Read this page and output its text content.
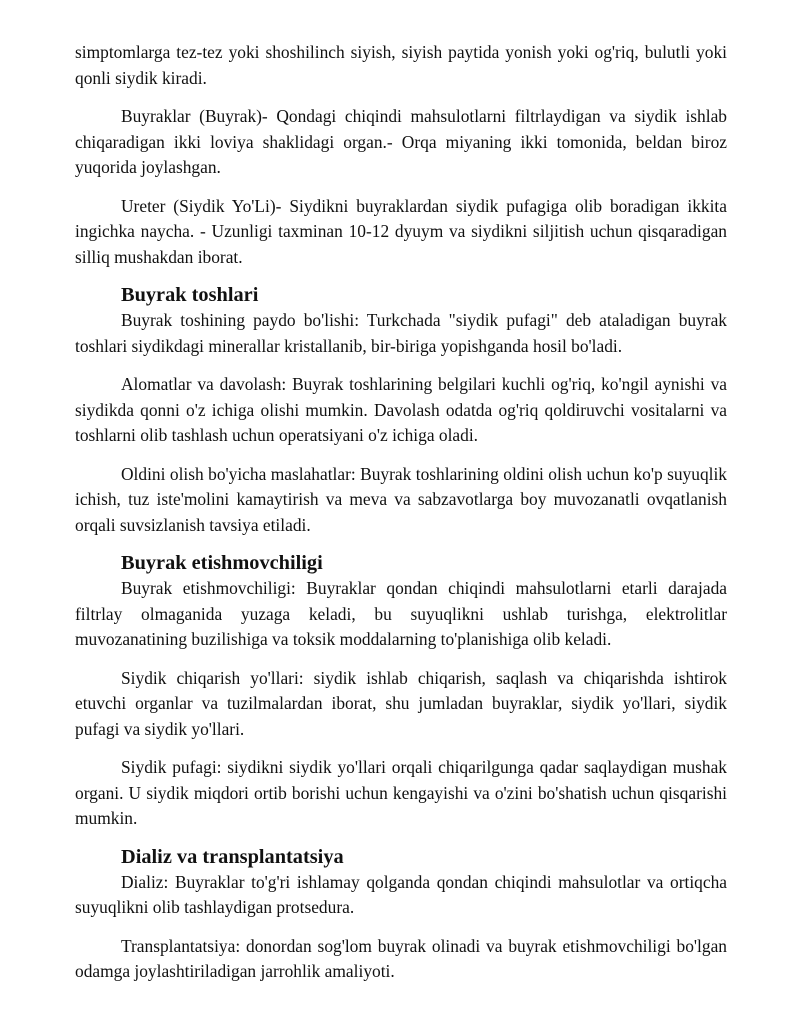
simptomlarga tez-tez yoki shoshilinch siyish, siyish paytida yonish yoki og'riq, bulutli yoki qonli siydik kiradi.

Buyraklar (Buyrak)- Qondagi chiqindi mahsulotlarni filtrlaydigan va siydik ishlab chiqaradigan ikki loviya shaklidagi organ.- Orqa miyaning ikki tomonida, beldan biroz yuqorida joylashgan.

Ureter (Siydik Yo'Li)- Siydikni buyraklardan siydik pufagiga olib boradigan ikkita ingichka naycha. - Uzunligi taxminan 10-12 dyuym va siydikni siljitish uchun qisqaradigan silliq mushakdan iborat.

Buyrak toshlari

Buyrak toshining paydo bo'lishi: Turkchada "siydik pufagi" deb ataladigan buyrak toshlari siydikdagi minerallar kristallanib, bir-biriga yopishganda hosil bo'ladi.

Alomatlar va davolash: Buyrak toshlarining belgilari kuchli og'riq, ko'ngil aynishi va siydikda qonni o'z ichiga olishi mumkin. Davolash odatda og'riq qoldiruvchi vositalarni va toshlarni olib tashlash uchun operatsiyani o'z ichiga oladi.

Oldini olish bo'yicha maslahatlar: Buyrak toshlarining oldini olish uchun ko'p suyuqlik ichish, tuz iste'molini kamaytirish va meva va sabzavotlarga boy muvozanatli ovqatlanish orqali suvsizlanish tavsiya etiladi.

Buyrak etishmovchiligi

Buyrak etishmovchiligi: Buyraklar qondan chiqindi mahsulotlarni etarli darajada filtrlay olmaganida yuzaga keladi, bu suyuqlikni ushlab turishga, elektrolitlar muvozanatining buzilishiga va toksik moddalarning to'planishiga olib keladi.

Siydik chiqarish yo'llari: siydik ishlab chiqarish, saqlash va chiqarishda ishtirok etuvchi organlar va tuzilmalardan iborat, shu jumladan buyraklar, siydik yo'llari, siydik pufagi va siydik yo'llari.

Siydik pufagi: siydikni siydik yo'llari orqali chiqarilgunga qadar saqlaydigan mushak organi. U siydik miqdori ortib borishi uchun kengayishi va o'zini bo'shatish uchun qisqarishi mumkin.

Dializ va transplantatsiya

Dializ: Buyraklar to'g'ri ishlamay qolganda qondan chiqindi mahsulotlar va ortiqcha suyuqlikni olib tashlaydigan protsedura.

Transplantatsiya: donordan sog'lom buyrak olinadi va buyrak etishmovchiligi bo'lgan odamga joylashtiriladigan jarrohlik amaliyoti.
